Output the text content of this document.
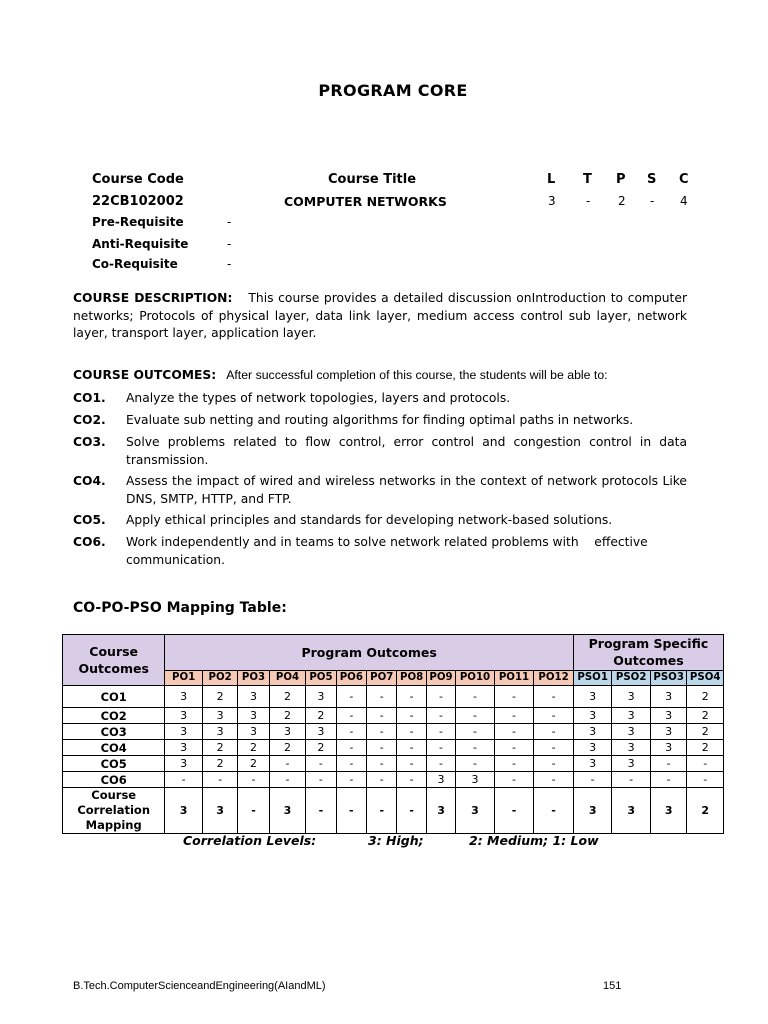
PROGRAM CORE
Course Code	Course Title	L T P S C
22CB102002	COMPUTER NETWORKS	3	- 2 - 4
Pre-Requisite	-
Anti-Requisite	-
Co-Requisite	-
COURSE DESCRIPTION: This course provides a detailed discussion onIntroduction to computer networks; Protocols of physical layer, data link layer, medium access control sub layer, network layer, transport layer, application layer.
COURSE OUTCOMES: After successful completion of this course, the students will be able to:
CO1. Analyze the types of network topologies, layers and protocols.
CO2. Evaluate sub netting and routing algorithms for finding optimal paths in networks.
CO3. Solve problems related to flow control, error control and congestion control in data transmission.
CO4. Assess the impact of wired and wireless networks in the context of network protocols Like DNS, SMTP, HTTP, and FTP.
CO5. Apply ethical principles and standards for developing network-based solutions.
CO6. Work independently and in teams to solve network related problems with    effective communication.
CO-PO-PSO Mapping Table:
Course Outcomes	Program Outcomes												Program Specific Outcomes			
	PO1	PO2	PO3	PO4	PO5	PO6	PO7	PO8	PO9	PO10	PO11	PO12	PSO1	PSO2	PSO3	PSO4
CO1	3	2	3	2	3	-	-	-	-	-	-	-	3	3	3	2
CO2	3	3	3	2	2	-	-	-	-	-	-	-	3	3	3	2
CO3	3	3	3	3	3	-	-	-	-	-	-	-	3	3	3	2
CO4	3	2	2	2	2	-	-	-	-	-	-	-	3	3	3	2
CO5	3	2	2	-	-	-	-	-	-	-	-	-	3	3	-	-
CO6	-	-	-	-	-	-	-	-	3	3	-	-	-	-	-	-
Course Correlation Mapping	3	3	-	3	-	-	-	-	3	3	-	-	3	3	3	2
Correlation Levels:	3: High;	2: Medium; 1: Low
B.Tech.ComputerScienceandEngineering(AIandML)	151
